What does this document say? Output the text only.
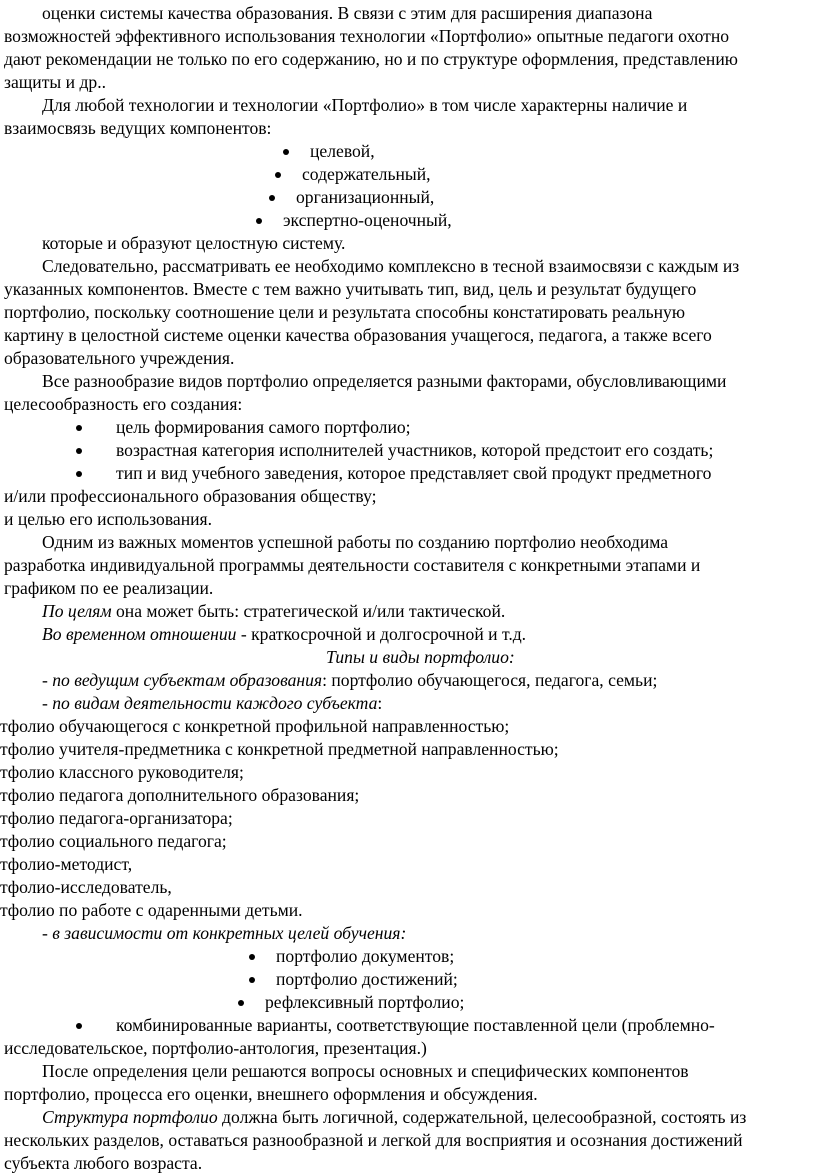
оценки системы качества образования. В связи с этим для расширения диапазона
возможностей эффективного использования технологии «Портфолио» опытные педагоги охотно
дают рекомендации не только по его содержанию, но и по структуре оформления, представлению
защиты и др..
Для любой технологии и технологии «Портфолио» в том числе характерны наличие и
взаимосвязь ведущих компонентов:
целевой,
содержательный,
организационный,
экспертно-оценочный,
которые и образуют целостную систему.
Следовательно, рассматривать ее необходимо комплексно в тесной взаимосвязи с каждым из
указанных компонентов. Вместе с тем важно учитывать тип, вид, цель и результат будущего
портфолио, поскольку соотношение цели и результата способны констатировать реальную
картину в целостной системе оценки качества образования учащегося, педагога, а также всего
образовательного учреждения.
Все разнообразие видов портфолио определяется разными факторами, обусловливающими
целесообразность его создания:
цель формирования самого портфолио;
возрастная категория исполнителей участников, которой предстоит его создать;
тип и вид учебного заведения, которое представляет свой продукт предметного
и/или профессионального образования обществу;
и целью его использования.
Одним из важных моментов успешной работы по созданию портфолио необходима
разработка индивидуальной программы деятельности составителя с конкретными этапами и
графиком по ее реализации.
По целям она может быть: стратегической и/или тактической.
Во временном отношении - краткосрочной и долгосрочной и т.д.
Типы и виды портфолио:
- по ведущим субъектам образования: портфолио обучающегося, педагога, семьи;
- по видам деятельности каждого субъекта:
тфолио обучающегося с конкретной профильной направленностью;
тфолио учителя-предметника с конкретной предметной направленностью;
тфолио классного руководителя;
тфолио педагога дополнительного образования;
тфолио педагога-организатора;
тфолио социального педагога;
тфолио-методист,
тфолио-исследователь,
тфолио по работе с одаренными детьми.
- в зависимости от конкретных целей обучения:
портфолио документов;
портфолио достижений;
рефлексивный портфолио;
комбинированные варианты, соответствующие поставленной цели (проблемно-
исследовательское, портфолио-антология, презентация.)
После определения цели решаются вопросы основных и специфических компонентов
портфолио, процесса его оценки, внешнего оформления и обсуждения.
Структура портфолио должна быть логичной, содержательной, целесообразной, состоять из
нескольких разделов, оставаться разнообразной и легкой для восприятия и осознания достижений
субъекта любого возраста.
